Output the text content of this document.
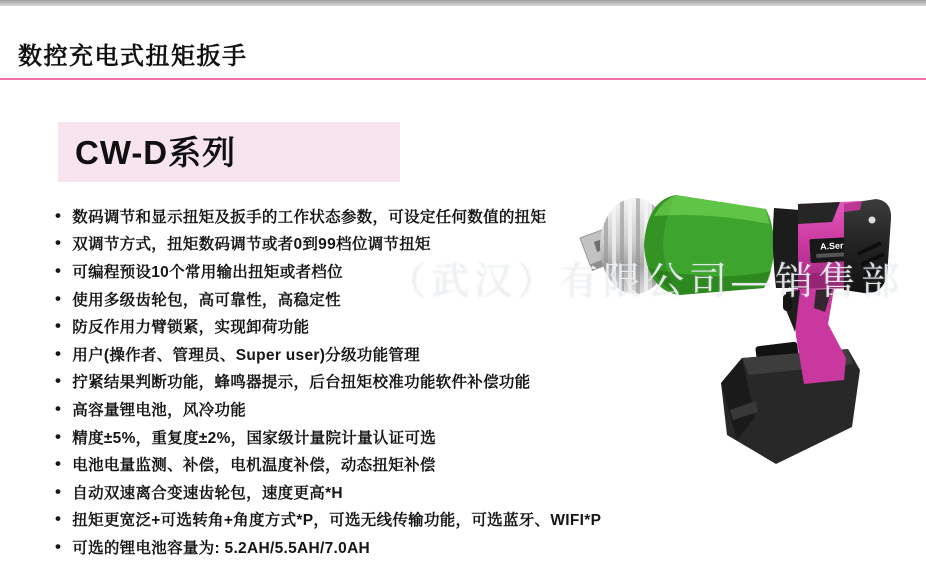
数控充电式扭矩扳手
CW-D系列
• 数码调节和显示扭矩及扳手的工作状态参数，可设定任何数值的扭矩
• 双调节方式，扭矩数码调节或者0到99档位调节扭矩
• 可编程预设10个常用输出扭矩或者档位
• 使用多级齿轮包，高可靠性，高稳定性
• 防反作用力臂锁紧，实现卸荷功能
• 用户(操作者、管理员、Super user)分级功能管理
• 拧紧结果判断功能，蜂鸣器提示，后台扭矩校准功能软件补偿功能
• 高容量锂电池，风冷功能
• 精度±5%，重复度±2%，国家级计量院计量认证可选
• 电池电量监测、补偿，电机温度补偿，动态扭矩补偿
• 自动双速离合变速齿轮包，速度更高*H
• 扭矩更宽泛+可选转角+角度方式*P，可选无线传输功能，可选蓝牙、WIFI*P
• 可选的锂电池容量为: 5.2AH/5.5AH/7.0AH
A.Ser
（武汉）有限公司—销售部
